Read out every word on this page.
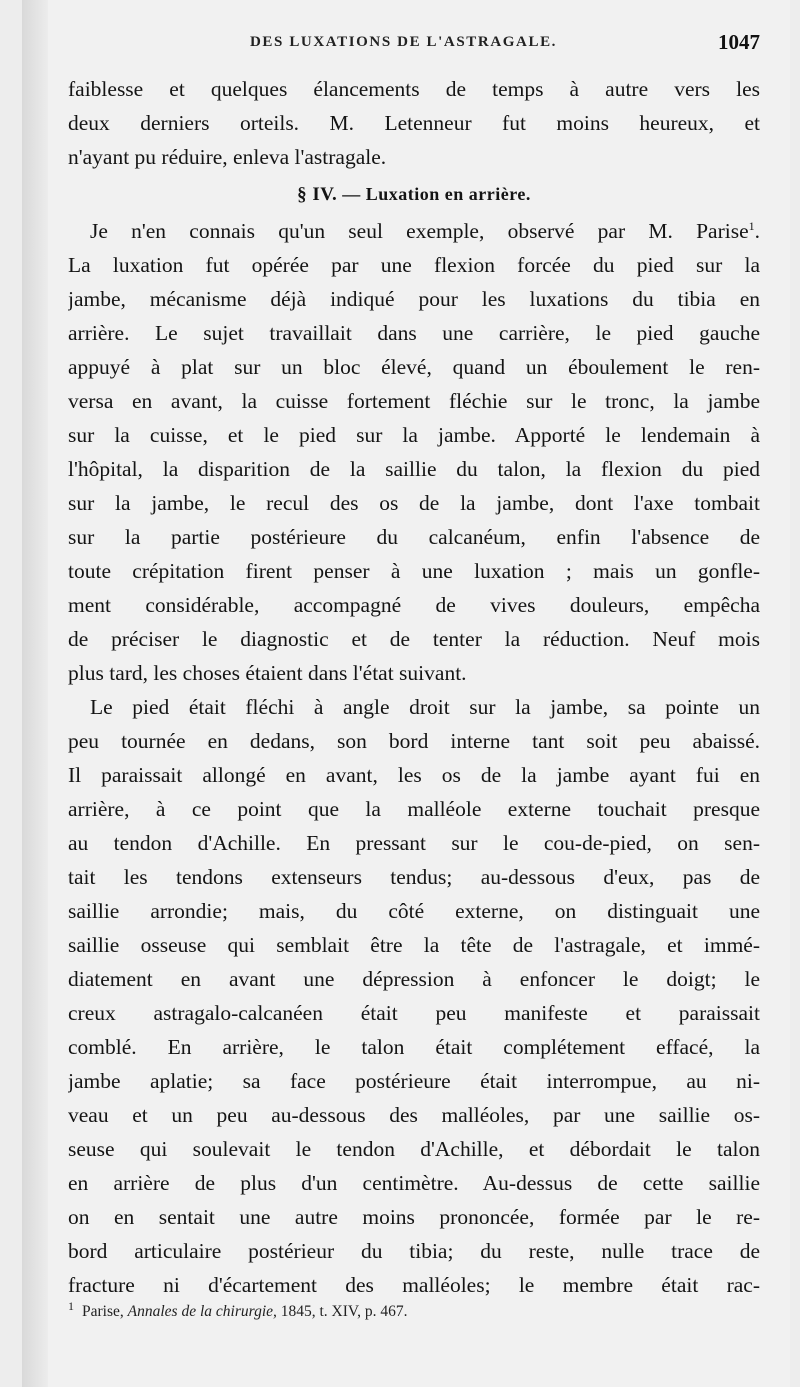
DES LUXATIONS DE L'ASTRAGALE.	1047
faiblesse et quelques élancements de temps à autre vers les
deux derniers orteils. M. Letenneur fut moins heureux, et
n'ayant pu réduire, enleva l'astragale.
§ IV. — Luxation en arrière.
Je n'en connais qu'un seul exemple, observé par M. Parise$^1$.
La luxation fut opérée par une flexion forcée du pied sur la
jambe, mécanisme déjà indiqué pour les luxations du tibia en
arrière. Le sujet travaillait dans une carrière, le pied gauche
appuyé à plat sur un bloc élevé, quand un éboulement le ren-
versa en avant, la cuisse fortement fléchie sur le tronc, la jambe
sur la cuisse, et le pied sur la jambe. Apporté le lendemain à
l'hôpital, la disparition de la saillie du talon, la flexion du pied
sur la jambe, le recul des os de la jambe, dont l'axe tombait
sur la partie postérieure du calcanéum, enfin l'absence de
toute crépitation firent penser à une luxation ; mais un gonfle-
ment considérable, accompagné de vives douleurs, empêcha
de préciser le diagnostic et de tenter la réduction. Neuf mois
plus tard, les choses étaient dans l'état suivant.
Le pied était fléchi à angle droit sur la jambe, sa pointe un
peu tournée en dedans, son bord interne tant soit peu abaissé.
Il paraissait allongé en avant, les os de la jambe ayant fui en
arrière, à ce point que la malléole externe touchait presque
au tendon d'Achille. En pressant sur le cou-de-pied, on sen-
tait les tendons extenseurs tendus; au-dessous d'eux, pas de
saillie arrondie; mais, du côté externe, on distinguait une
saillie osseuse qui semblait être la tête de l'astragale, et immé-
diatement en avant une dépression à enfoncer le doigt; le
creux astragalo-calcanéen était peu manifeste et paraissait
comblé. En arrière, le talon était complétement effacé, la
jambe aplatie; sa face postérieure était interrompue, au ni-
veau et un peu au-dessous des malléoles, par une saillie os-
seuse qui soulevait le tendon d'Achille, et débordait le talon
en arrière de plus d'un centimètre. Au-dessus de cette saillie
on en sentait une autre moins prononcée, formée par le re-
bord articulaire postérieur du tibia; du reste, nulle trace de
fracture ni d'écartement des malléoles; le membre était rac-
$^1$ Parise, Annales de la chirurgie, 1845, t. XIV, p. 467.
